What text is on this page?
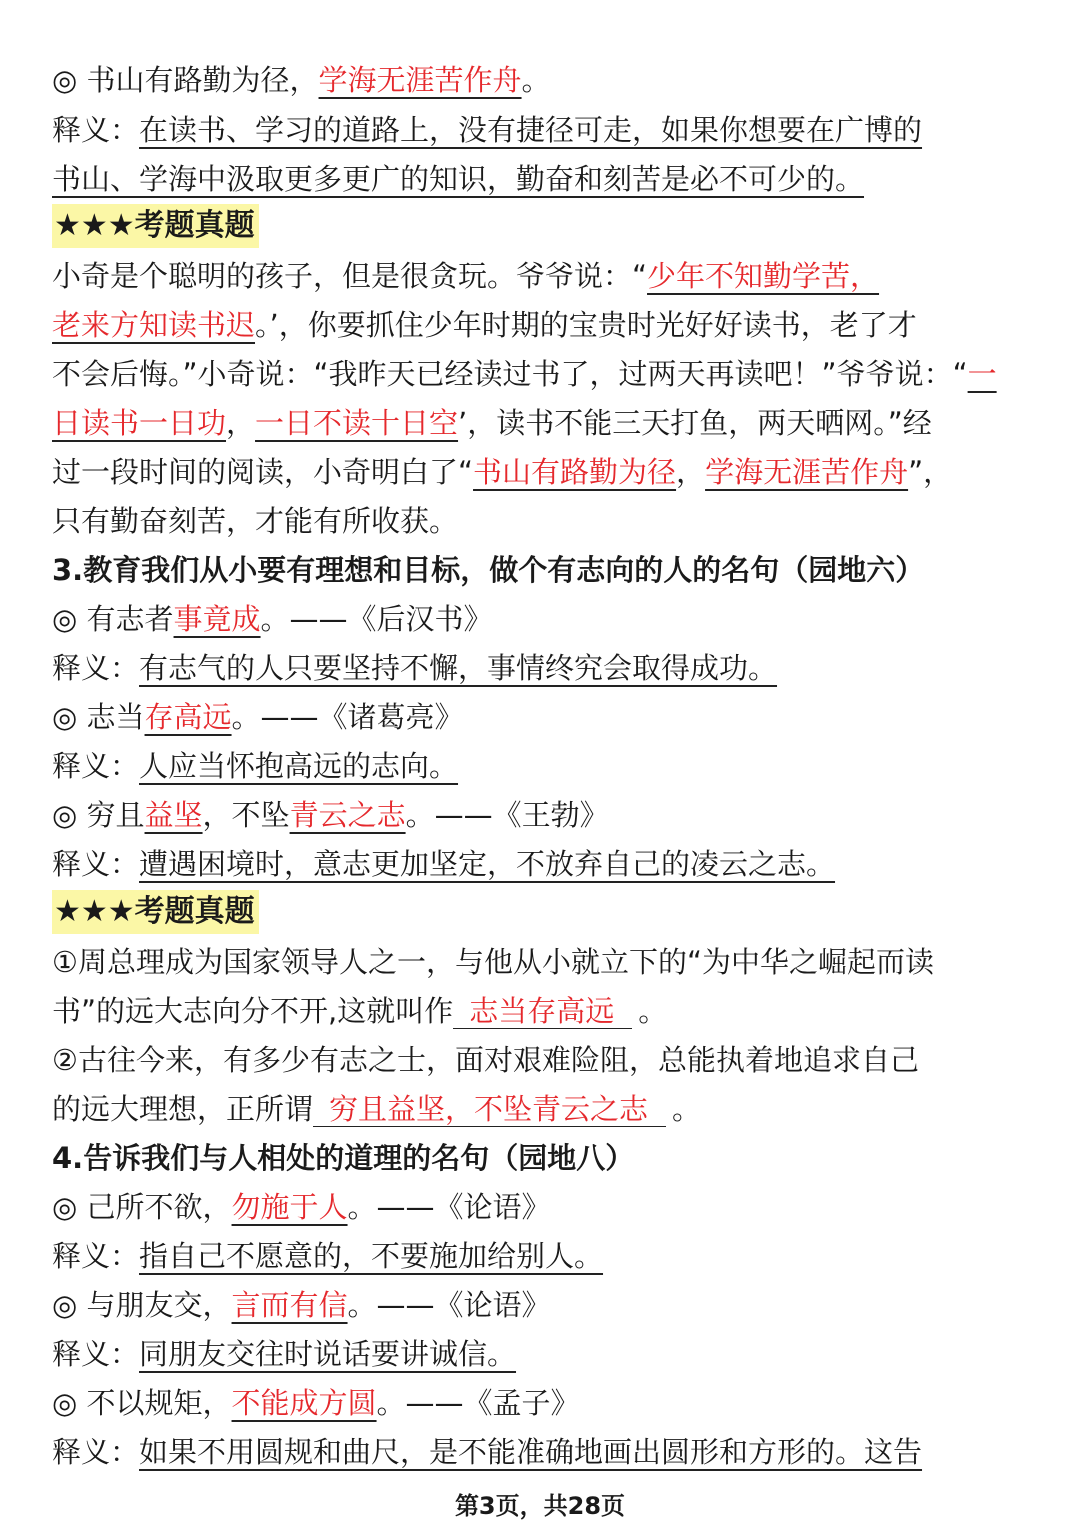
◎ 书山有路勤为径，学海无涯苦作舟。
释义：在读书、学习的道路上，没有捷径可走，如果你想要在广博的
书山、学海中汲取更多更广的知识，勤奋和刻苦是必不可少的。
★★★考题真题
小奇是个聪明的孩子，但是很贪玩。爷爷说：“少年不知勤学苦，
老来方知读书迟。’，你要抓住少年时期的宝贵时光好好读书，老了才
不会后悔。”小奇说：“我昨天已经读过书了，过两天再读吧！”爷爷说：“一
日读书一日功，一日不读十日空’，读书不能三天打鱼，两天晒网。”经
过一段时间的阅读，小奇明白了“书山有路勤为径，学海无涯苦作舟”，
只有勤奋刻苦，才能有所收获。
3.教育我们从小要有理想和目标，做个有志向的人的名句（园地六）
◎ 有志者事竟成。——《后汉书》
释义：有志气的人只要坚持不懈，事情终究会取得成功。
◎ 志当存高远。——《诸葛亮》
释义：人应当怀抱高远的志向。
◎ 穷且益坚，不坠青云之志。——《王勃》
释义：遭遇困境时，意志更加坚定，不放弃自己的凌云之志。
★★★考题真题
①周总理成为国家领导人之一，与他从小就立下的“为中华之崛起而读
书”的远大志向分不开,这就叫作 志当存高远 。
②古往今来，有多少有志之士，面对艰难险阻，总能执着地追求自己
的远大理想，正所谓 穷且益坚，不坠青云之志 。
4.告诉我们与人相处的道理的名句（园地八）
◎ 己所不欲，勿施于人。——《论语》
释义：指自己不愿意的，不要施加给别人。
◎ 与朋友交，言而有信。——《论语》
释义：同朋友交往时说话要讲诚信。
◎ 不以规矩，不能成方圆。——《孟子》
释义：如果不用圆规和曲尺，是不能准确地画出圆形和方形的。这告
第3页，共28页
